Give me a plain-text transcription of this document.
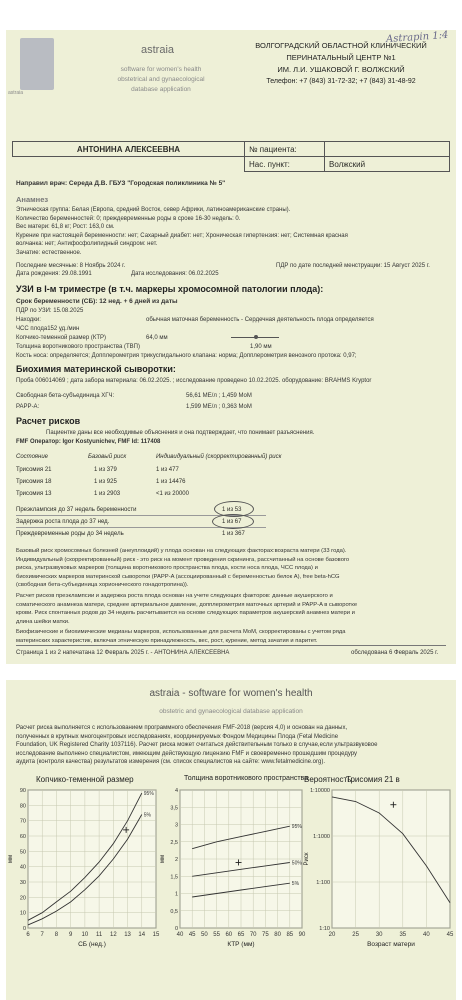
astraia
astraia
software for women's health
obstetrical and gynaecological
database application
ВОЛГОГРАДСКИЙ ОБЛАСТНОЙ КЛИНИЧЕСКИЙ
ПЕРИНАТАЛЬНЫЙ ЦЕНТР №1
ИМ. Л.И. УШАКОВОЙ Г. ВОЛЖСКИЙ
Телефон: +7 (843) 31-72-32; +7 (843) 31-48-92
Astrapin 1:4
АНТОНИНА АЛЕКСЕЕВНА	№ пациента:	
	Нас. пункт:	Волжский
Направил врач: Середа Д.В. ГБУЗ "Городская поликлиника № 5"
Анамнез
Этническая группа: Белая (Европа, средний Восток, север Африки, латиноамериканские страны).
Количество беременностей: 0; преждевременные роды в сроке 16-30 недель: 0.
Вес матери: 61,8 кг; Рост: 163,0 см.
Курение при настоящей беременности: нет; Сахарный диабет: нет; Хроническая гипертензия: нет; Системная красная
волчанка: нет; Антифосфолипидный синдром: нет.
Зачатие: естественное.
Последние месячные: 8 Ноябрь 2024 г.
Дата рождения: 29.08.1991	Дата исследования: 06.02.2025
ПДР по дате последней менструации: 15 Август 2025 г.
УЗИ в I-м триместре (в т.ч. маркеры хромосомной патологии плода):
Срок беременности (СБ): 12 нед. + 6 дней из даты
ПДР по УЗИ: 15.08.2025
Находки:	обычная маточная беременность - Сердечная деятельность плода определяется
ЧСС плода152 уд./мин
Копчико-теменной размер (КТР)	64,0 мм
Толщина воротникового пространства (ТВП)	1,90 мм
Кость носа: определяется; Допплерометрия трикуспидального клапана: норма; Допплерометрия венозного протока: 0,97;
Биохимия материнской сыворотки:
Проба 006014069 ; дата забора материала: 06.02.2025. ; исследование проведено 10.02.2025. оборудование: BRAHMS Kryptor
Свободная бета-субъединица ХГЧ:	56,61 МЕ/л ; 1,459 MoM
PAPP-A:	1,599 МЕ/л ; 0,363 MoM
Расчет рисков
Пациентке даны все необходимые объяснения и она подтверждает, что понимает разъяснения.
FMF Оператор: Igor Kostyunichev, FMF Id: 117408
Состояние	Базовый риск	Индивидуальный (скорректированный) риск
Трисомия 21	1 из 379	1 из 477
Трисомия 18	1 из 925	1 из 14476
Трисомия 13	1 из 2903	<1 из 20000
Преэклампсия до 37 недель беременности	1 из 53
Задержка роста плода до 37 нед.	1 из 67
Преждевременные роды до 34 недель	1 из 367
Базовый риск хромосомных болезней (анеуплоидий) у плода основан на следующих факторах:возраста матери (33 года).
Индивидуальный (скорректированный) риск - это риск на момент проведения скрининга, рассчитанный на основе базового
риска, ультразвуковых маркеров (толщина воротникового пространства плода, кости носа плода, ЧСС плода) и
биохимических маркеров материнской сыворотки (PAPP-A (ассоциированный с беременностью белок А), free beta-hCG
(свободная бета-субъединица хорионического гонадотропина)).
Расчет рисков преэклампсии и задержка роста плода основан на учете следующих факторов: данные акушерского и
соматического анамнеза матери, среднее артериальное давление, допплерометрия маточных артерий и PAPP-A в сыворотке
крови. Риск спонтанных родов до 34 недель расчитывается на основе следующих параметров акушерский анамнез матери и
длина шейки матки.
Биофизические и биохимические медианы маркеров, использованные для расчета MoM, скорректированы с учетом ряда
материнских характеристик, включая этническую принадлежность, вес, рост, курение, метод зачатия и паритет.
Страница 1 из 2 напечатана 12 Февраль 2025 г. - АНТОНИНА АЛЕКСЕЕВНА	обследована 6 Февраль 2025 г.
astraia - software for women's health
obstetric and gynaecological database application
Расчет риска выполняется с использованием программного обеспечения FMF-2018 (версия 4,0) и основан на данных,
полученных в крупных многоцентровых исследованиях, координируемых Фондом Медицины Плода (Fetal Medicine
Foundation, UK Registered Charity 1037116). Расчет риска может считаться действительным только в случае,если ультразвуковое
исследование выполнено специалистом, имеющим действующую лицензию FMF и своевременно прошедшим процедуру
аудита (контроля качества) результатов измерения (см. список специалистов на сайте: www.fetalmedicine.org).
Копчико-теменной размер	Толщина воротникового пространства
Вероятность
Трисомия 21 в
6 7 8 9 10 11 12 13 14 15
0
10
20
30
40
50
60
70
80
90
95%
5%
СБ (нед.)
мм
40 45 50 55 60 65 70 75 80 85 90
0
0,5
1
1,5
2
2,5
3
3,5
4
95%
50%
5%
КТР (мм)
мм
20	25	30	35	40	45
1:10
1:100
1:1000
1:10000
Возраст матери
Риск
